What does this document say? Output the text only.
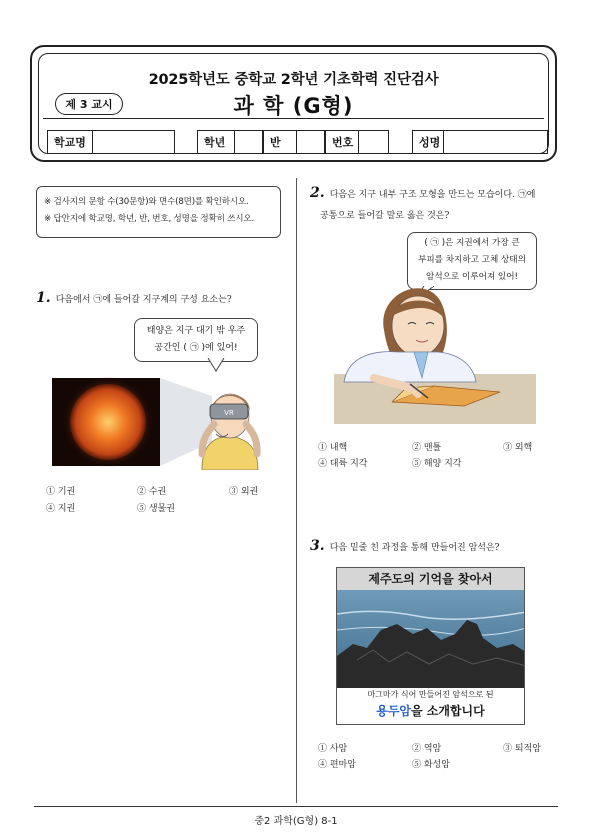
2025학년도 중학교 2학년 기초학력 진단검사
제 3 교시	과 학 (G형)
학교명	학년	반	번호	성명
※ 검사지의 문항 수(30문항)와 면수(8면)를 확인하시오.
※ 답안지에 학교명, 학년, 반, 번호, 성명을 정확히 쓰시오.
1. 다음에서 ㉠에 들어갈 지구계의 구성 요소는?
태양은 지구 대기 밖 우주
공간인 ( ㉠ )에 있어!
VR
① 기권	② 수권	③ 외권
④ 지권	⑤ 생물권
2. 다음은 지구 내부 구조 모형을 만드는 모습이다. ㉠에
공통으로 들어갈 말로 옳은 것은?
( ㉠ )은 지권에서 가장 큰
부피를 차지하고 고체 상태의
암석으로 이루어져 있어!
① 내핵	② 맨틀	③ 외핵
④ 대륙 지각	⑤ 해양 지각
3. 다음 밑줄 친 과정을 통해 만들어진 암석은?
제주도의 기억을 찾아서
마그마가 식어 만들어진 암석으로 된
용두암을 소개합니다
① 사암	② 역암	③ 퇴적암
④ 편마암	⑤ 화성암
중2 과학(G형) 8-1
